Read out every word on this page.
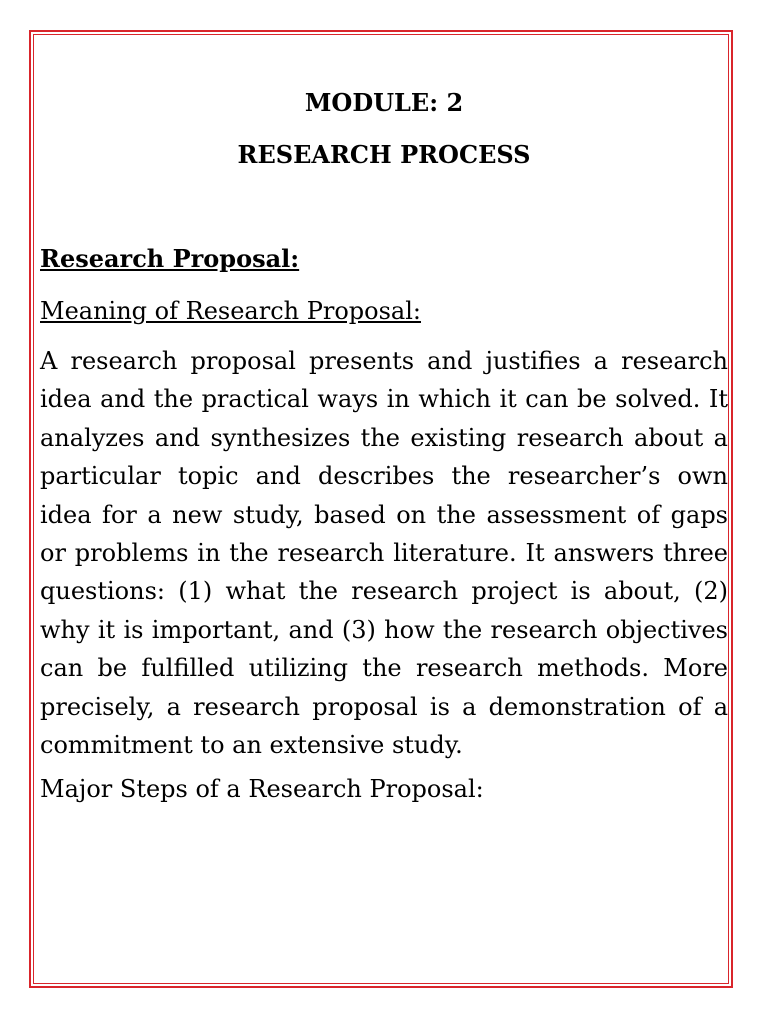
MODULE: 2
RESEARCH PROCESS
Research Proposal:
Meaning of Research Proposal:

A research proposal presents and justifies a research idea and the practical ways in which it can be solved. It analyzes and synthesizes the existing research about a particular topic and describes the researcher’s own idea for a new study, based on the assessment of gaps or problems in the research literature. It answers three questions: (1) what the research project is about, (2) why it is important, and (3) how the research objectives can be fulfilled utilizing the research methods. More precisely, a research proposal is a demonstration of a commitment to an extensive study.

Major Steps of a Research Proposal:
